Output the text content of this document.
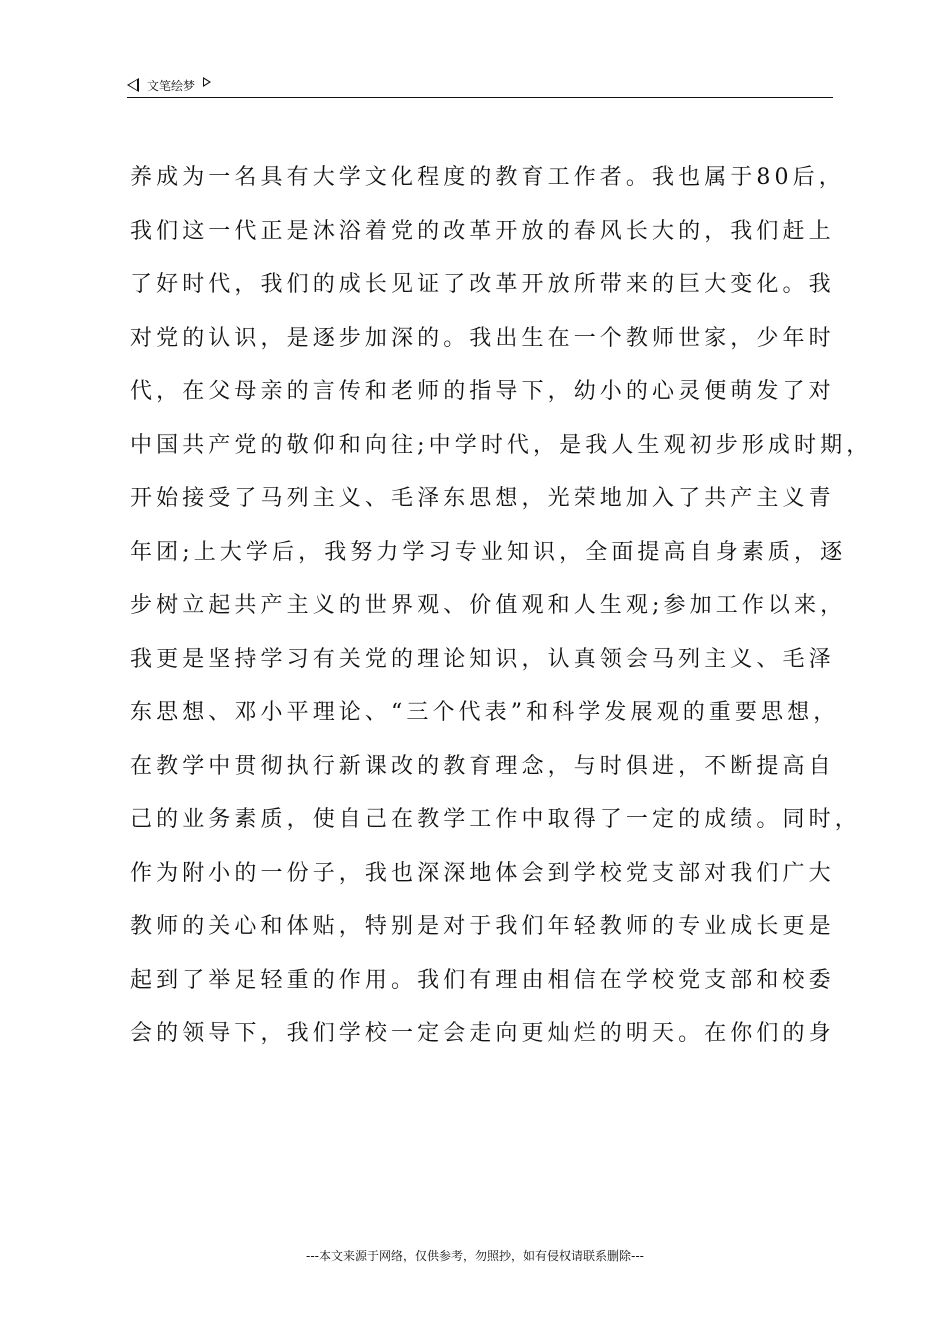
文笔绘梦
养成为一名具有大学文化程度的教育工作者。我也属于80后，
我们这一代正是沐浴着党的改革开放的春风长大的，我们赶上
了好时代，我们的成长见证了改革开放所带来的巨大变化。我
对党的认识，是逐步加深的。我出生在一个教师世家，少年时
代，在父母亲的言传和老师的指导下，幼小的心灵便萌发了对
中国共产党的敬仰和向往;中学时代，是我人生观初步形成时期，
开始接受了马列主义、毛泽东思想，光荣地加入了共产主义青
年团;上大学后，我努力学习专业知识，全面提高自身素质，逐
步树立起共产主义的世界观、价值观和人生观;参加工作以来，
我更是坚持学习有关党的理论知识，认真领会马列主义、毛泽
东思想、邓小平理论、“三个代表”和科学发展观的重要思想，
在教学中贯彻执行新课改的教育理念，与时俱进，不断提高自
己的业务素质，使自己在教学工作中取得了一定的成绩。同时，
作为附小的一份子，我也深深地体会到学校党支部对我们广大
教师的关心和体贴，特别是对于我们年轻教师的专业成长更是
起到了举足轻重的作用。我们有理由相信在学校党支部和校委
会的领导下，我们学校一定会走向更灿烂的明天。在你们的身
---本文来源于网络，仅供参考，勿照抄，如有侵权请联系删除---
